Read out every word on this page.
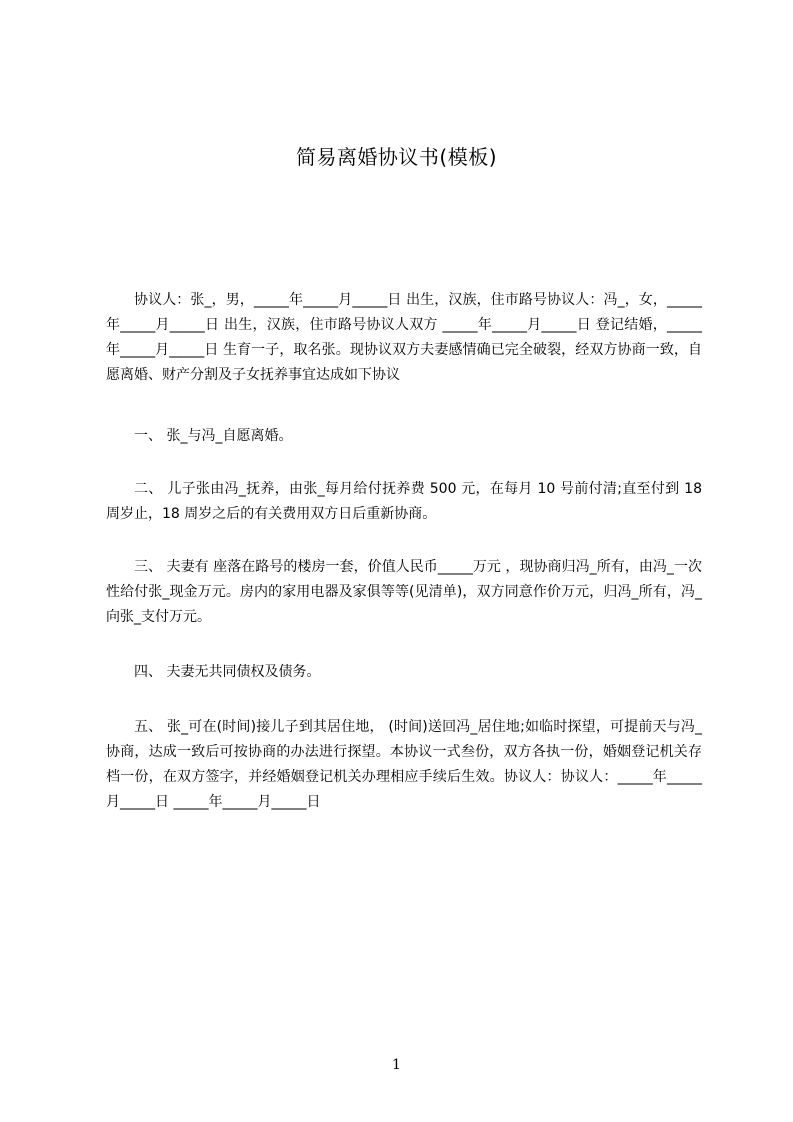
简易离婚协议书(模板)

协议人：张_，男，_____年_____月_____日 出生，汉族，住市路号协议人：冯_，女，_____年_____月_____日 出生，汉族，住市路号协议人双方 _____年_____月_____日 登记结婚，_____年_____月_____日 生育一子，取名张。现协议双方夫妻感情确已完全破裂，经双方协商一致，自愿离婚、财产分割及子女抚养事宜达成如下协议

一、 张_与冯_自愿离婚。

二、 儿子张由冯_抚养，由张_每月给付抚养费 500 元，在每月 10 号前付清;直至付到 18 周岁止，18 周岁之后的有关费用双方日后重新协商。

三、 夫妻有 座落在路号的楼房一套，价值人民币_____万元 ，现协商归冯_所有，由冯_一次性给付张_现金万元。房内的家用电器及家俱等等(见清单)，双方同意作价万元，归冯_所有，冯_向张_支付万元。

四、 夫妻无共同债权及债务。

五、 张_可在(时间)接儿子到其居住地， (时间)送回冯_居住地;如临时探望，可提前天与冯_协商，达成一致后可按协商的办法进行探望。本协议一式叁份，双方各执一份，婚姻登记机关存档一份，在双方签字，并经婚姻登记机关办理相应手续后生效。协议人：协议人：_____年_____月_____日 _____年_____月_____日

1
